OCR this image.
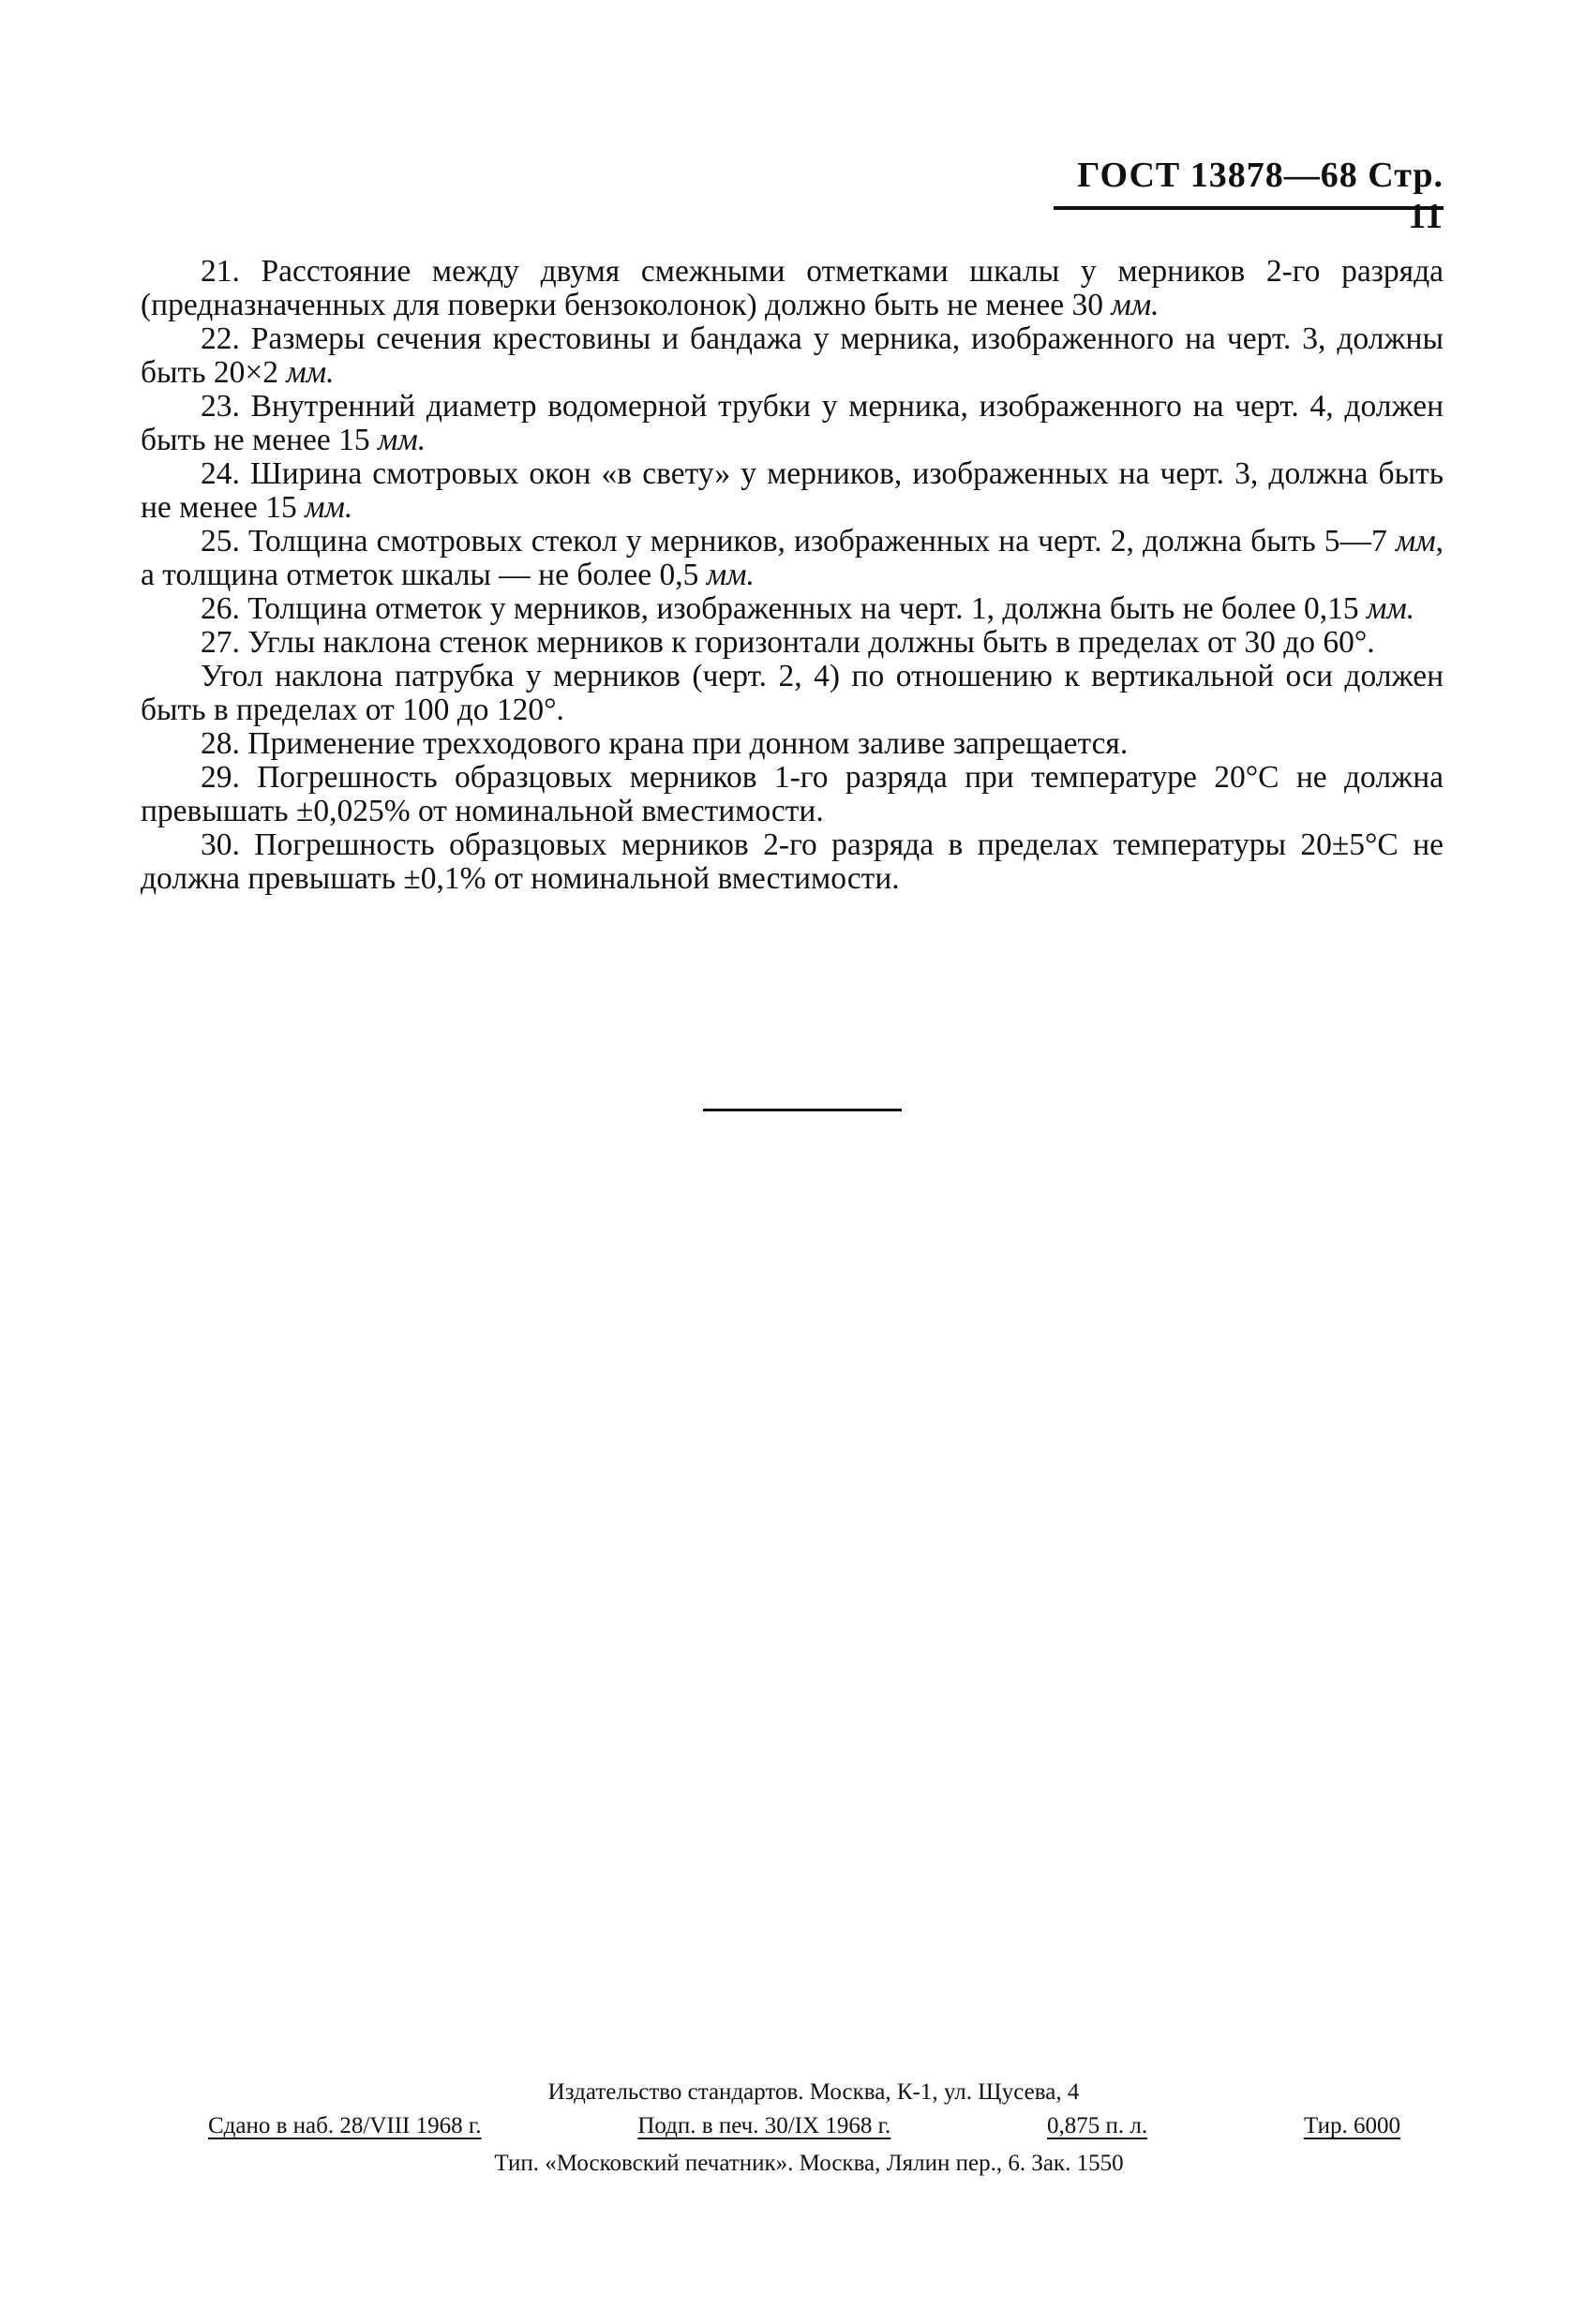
ГОСТ 13878—68 Стр. 11

21. Расстояние между двумя смежными отметками шкалы у мерников 2-го разряда (предназначенных для поверки бензоколонок) должно быть не менее 30 мм.

22. Размеры сечения крестовины и бандажа у мерника, изображенного на черт. 3, должны быть 20×2 мм.

23. Внутренний диаметр водомерной трубки у мерника, изображенного на черт. 4, должен быть не менее 15 мм.

24. Ширина смотровых окон «в свету» у мерников, изображенных на черт. 3, должна быть не менее 15 мм.

25. Толщина смотровых стекол у мерников, изображенных на черт. 2, должна быть 5—7 мм, а толщина отметок шкалы — не более 0,5 мм.

26. Толщина отметок у мерников, изображенных на черт. 1, должна быть не более 0,15 мм.

27. Углы наклона стенок мерников к горизонтали должны быть в пределах от 30 до 60°.

Угол наклона патрубка у мерников (черт. 2, 4) по отношению к вертикальной оси должен быть в пределах от 100 до 120°.

28. Применение трехходового крана при донном заливе запрещается.

29. Погрешность образцовых мерников 1-го разряда при температуре 20°С не должна превышать ±0,025% от номинальной вместимости.

30. Погрешность образцовых мерников 2-го разряда в пределах температуры 20±5°С не должна превышать ±0,1% от номинальной вместимости.

Издательство стандартов. Москва, К-1, ул. Щусева, 4
Сдано в наб. 28/VIII 1968 г.	Подп. в печ. 30/IX 1968 г.	0,875 п. л.	Тир. 6000
Тип. «Московский печатник». Москва, Лялин пер., 6. Зак. 1550
